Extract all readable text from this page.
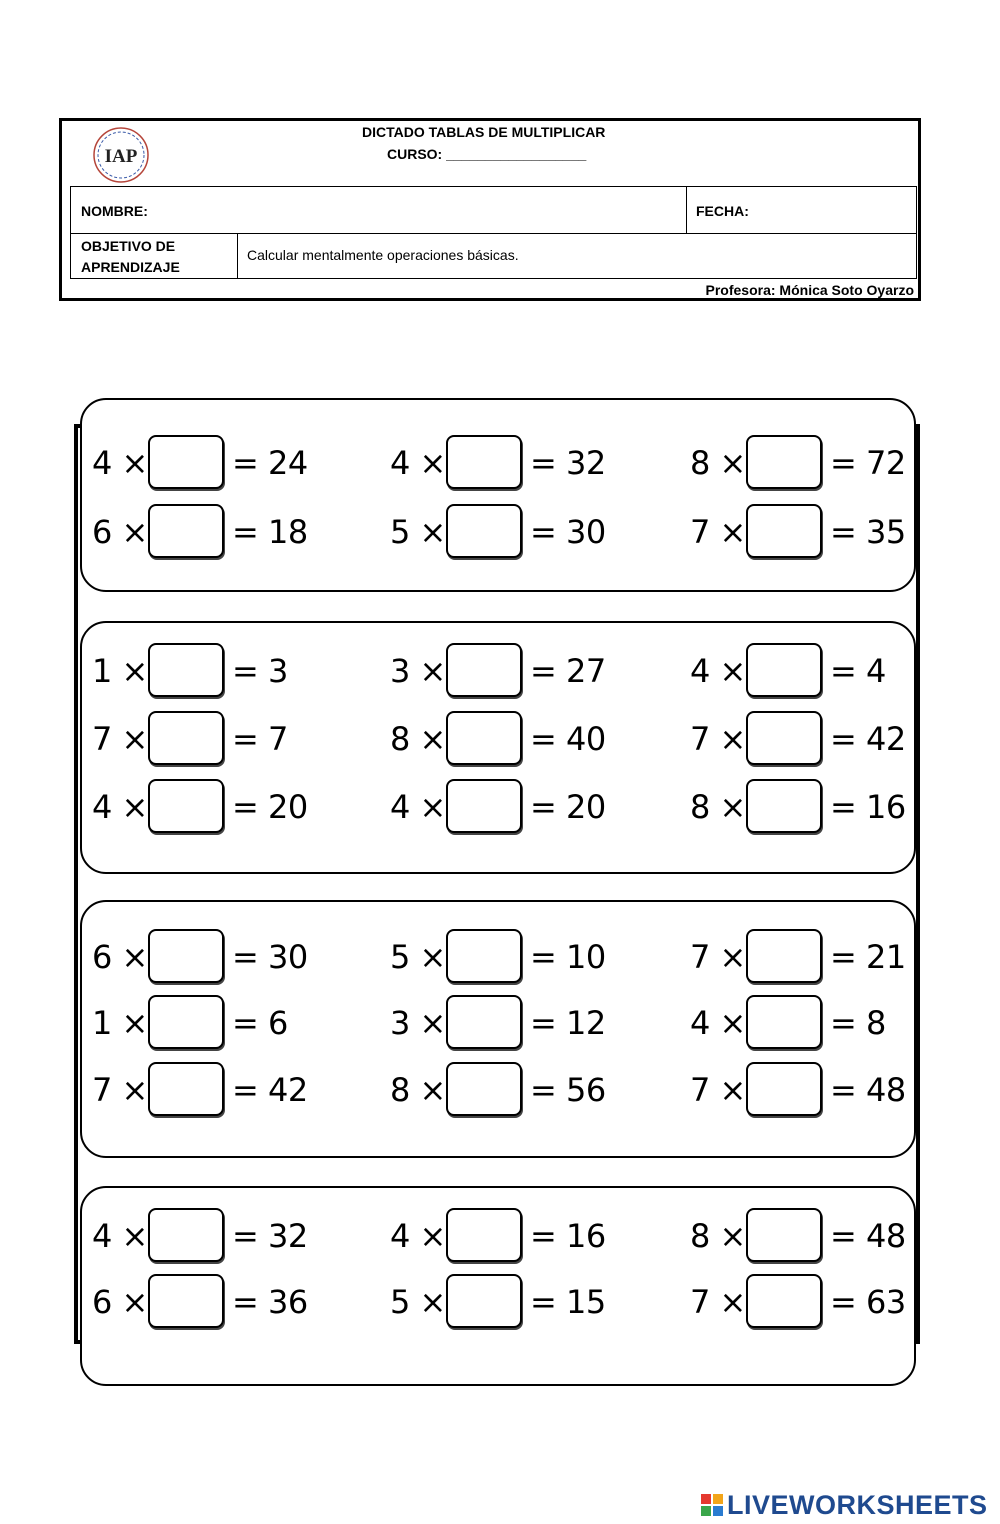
IAP
DICTADO TABLAS DE MULTIPLICAR
CURSO: __________________
NOMBRE:	FECHA:
OBJETIVO DE APRENDIZAJE
Calcular mentalmente operaciones básicas.
Profesora: Mónica Soto Oyarzo
4 ×	= 24	4 ×	= 32	8 ×	= 72
6 ×	= 18	5 ×	= 30	7 ×	= 35
1 ×	= 3	3 ×	= 27	4 ×	= 4
7 ×	= 7	8 ×	= 40	7 ×	= 42
4 ×	= 20	4 ×	= 20	8 ×	= 16
6 ×	= 30	5 ×	= 10	7 ×	= 21
1 ×	= 6	3 ×	= 12	4 ×	= 8
7 ×	= 42	8 ×	= 56	7 ×	= 48
4 ×	= 32	4 ×	= 16	8 ×	= 48
6 ×	= 36	5 ×	= 15	7 ×	= 63
LIVEWORKSHEETS
